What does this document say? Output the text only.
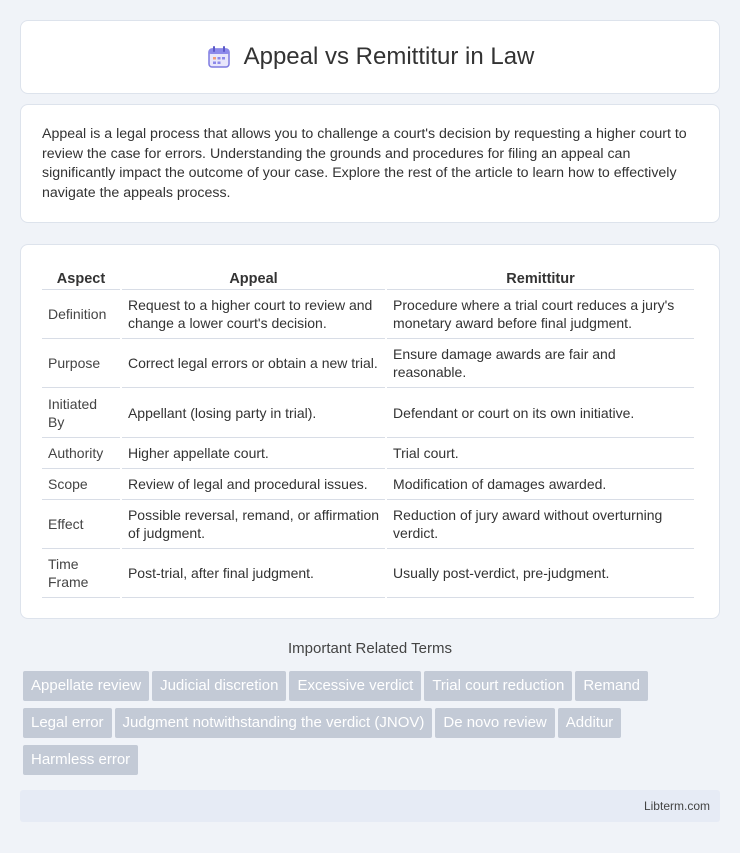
Appeal vs Remittitur in Law

Appeal is a legal process that allows you to challenge a court's decision by requesting a higher court to review the case for errors. Understanding the grounds and procedures for filing an appeal can significantly impact the outcome of your case. Explore the rest of the article to learn how to effectively navigate the appeals process.

Aspect	Appeal	Remittitur
Definition	Request to a higher court to review and change a lower court's decision.	Procedure where a trial court reduces a jury's monetary award before final judgment.
Purpose	Correct legal errors or obtain a new trial.	Ensure damage awards are fair and reasonable.
Initiated By	Appellant (losing party in trial).	Defendant or court on its own initiative.
Authority	Higher appellate court.	Trial court.
Scope	Review of legal and procedural issues.	Modification of damages awarded.
Effect	Possible reversal, remand, or affirmation of judgment.	Reduction of jury award without overturning verdict.
Time Frame	Post-trial, after final judgment.	Usually post-verdict, pre-judgment.
Important Related Terms
Appellate review Judicial discretion Excessive verdict Trial court reduction RemandLegal error Judgment notwithstanding the verdict (JNOV) De novo review AdditurHarmless error
Libterm.com
